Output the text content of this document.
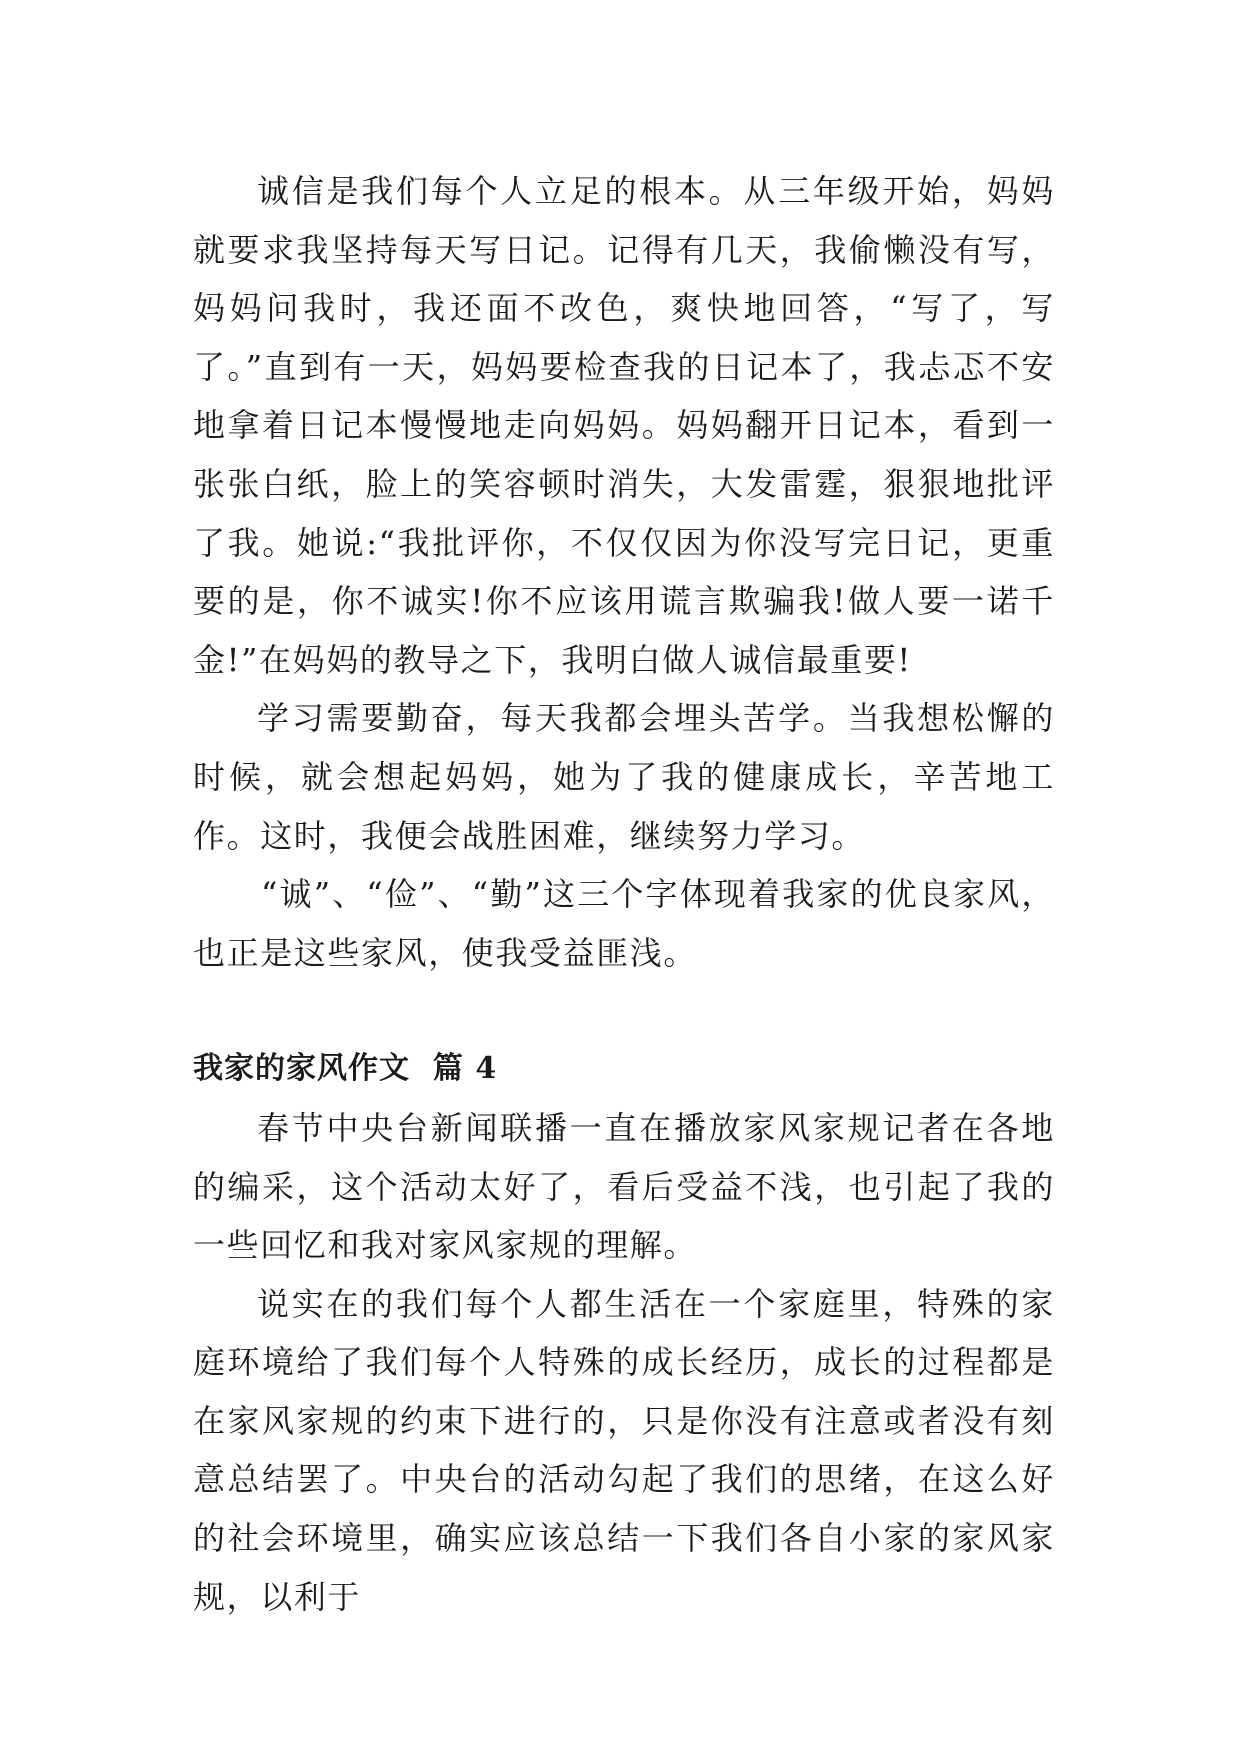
诚信是我们每个人立足的根本。从三年级开始，妈妈就要求我坚持每天写日记。记得有几天，我偷懒没有写，妈妈问我时，我还面不改色，爽快地回答，“写了，写了。”直到有一天，妈妈要检查我的日记本了，我忐忑不安地拿着日记本慢慢地走向妈妈。妈妈翻开日记本，看到一张张白纸，脸上的笑容顿时消失，大发雷霆，狠狠地批评了我。她说:“我批评你，不仅仅因为你没写完日记，更重要的是，你不诚实!你不应该用谎言欺骗我!做人要一诺千金!”在妈妈的教导之下，我明白做人诚信最重要!

学习需要勤奋，每天我都会埋头苦学。当我想松懈的时候，就会想起妈妈，她为了我的健康成长，辛苦地工作。这时，我便会战胜困难，继续努力学习。

“诚”、“俭”、“勤”这三个字体现着我家的优良家风，也正是这些家风，使我受益匪浅。

我家的家风作文  篇 4

春节中央台新闻联播一直在播放家风家规记者在各地的编采，这个活动太好了，看后受益不浅，也引起了我的一些回忆和我对家风家规的理解。

说实在的我们每个人都生活在一个家庭里，特殊的家庭环境给了我们每个人特殊的成长经历，成长的过程都是在家风家规的约束下进行的，只是你没有注意或者没有刻意总结罢了。中央台的活动勾起了我们的思绪，在这么好的社会环境里，确实应该总结一下我们各自小家的家风家规，以利于
